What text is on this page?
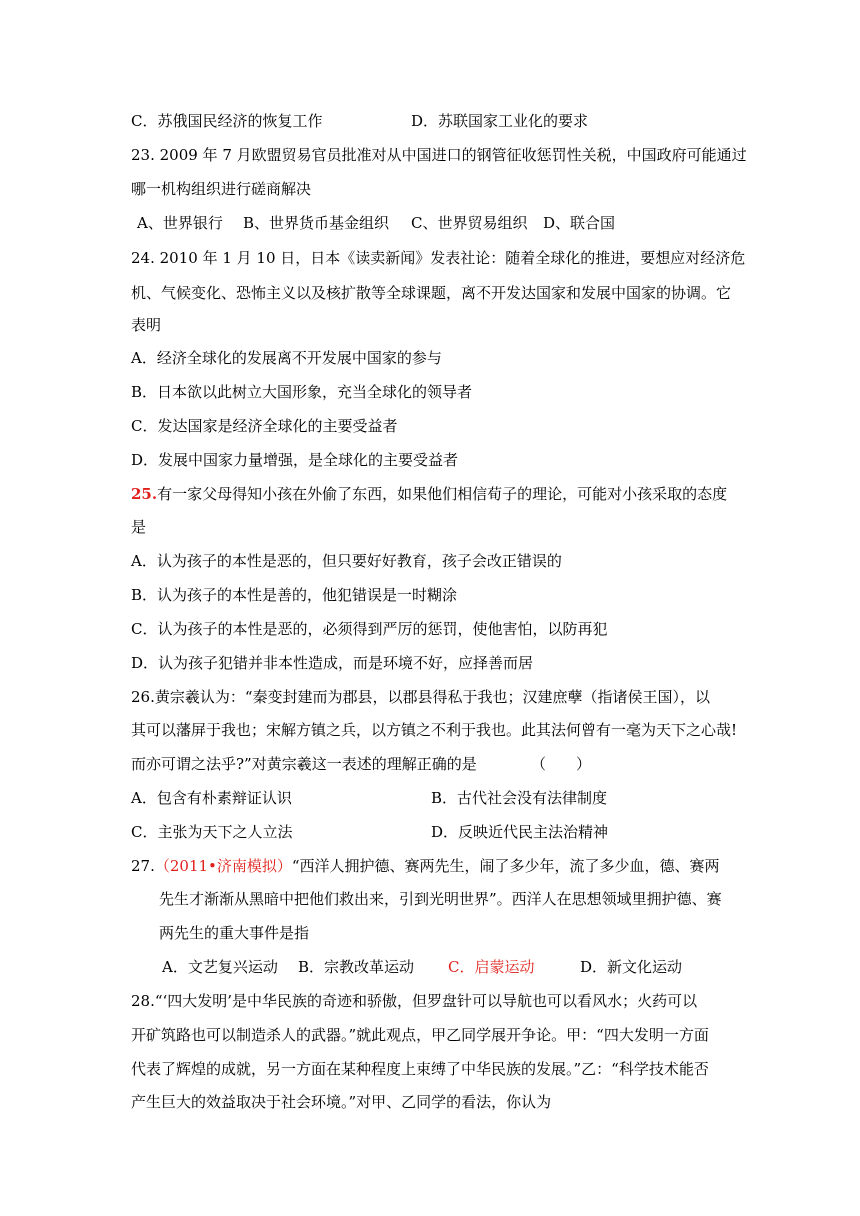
C．苏俄国民经济的恢复工作	D．苏联国家工业化的要求
23. 2009 年 7 月欧盟贸易官员批准对从中国进口的钢管征收惩罚性关税，中国政府可能通过
哪一机构组织进行磋商解决
A、世界银行 B、世界货币基金组织 C、世界贸易组织 D、联合国
24. 2010 年 1 月 10 日，日本《读卖新闻》发表社论：随着全球化的推进，要想应对经济危
机、气候变化、恐怖主义以及核扩散等全球课题，离不开发达国家和发展中国家的协调。它
表明
A．经济全球化的发展离不开发展中国家的参与
B．日本欲以此树立大国形象，充当全球化的领导者
C．发达国家是经济全球化的主要受益者
D．发展中国家力量增强，是全球化的主要受益者
25.有一家父母得知小孩在外偷了东西，如果他们相信荀子的理论，可能对小孩采取的态度
是
A．认为孩子的本性是恶的，但只要好好教育，孩子会改正错误的
B．认为孩子的本性是善的，他犯错误是一时糊涂
C．认为孩子的本性是恶的，必须得到严厉的惩罚，使他害怕，以防再犯
D．认为孩子犯错并非本性造成，而是环境不好，应择善而居
26.黄宗羲认为：“秦变封建而为郡县，以郡县得私于我也；汉建庶孽（指诸侯王国），以
其可以藩屏于我也；宋解方镇之兵，以方镇之不利于我也。此其法何曾有一毫为天下之心哉!
而亦可谓之法乎?”对黄宗羲这一表述的理解正确的是	（　　）
A．包含有朴素辩证认识	B．古代社会没有法律制度
C．主张为天下之人立法	D．反映近代民主法治精神
27.（2011•济南模拟）“西洋人拥护德、赛两先生，闹了多少年，流了多少血，德、赛两
先生才渐渐从黑暗中把他们救出来，引到光明世界”。西洋人在思想领域里拥护德、赛
两先生的重大事件是指
A．文艺复兴运动 B．宗教改革运动 C．启蒙运动	D．新文化运动
28.“‘四大发明’是中华民族的奇迹和骄傲，但罗盘针可以导航也可以看风水；火药可以
开矿筑路也可以制造杀人的武器。”就此观点，甲乙同学展开争论。甲：“四大发明一方面
代表了辉煌的成就，另一方面在某种程度上束缚了中华民族的发展。”乙：“科学技术能否
产生巨大的效益取决于社会环境。”对甲、乙同学的看法，你认为
